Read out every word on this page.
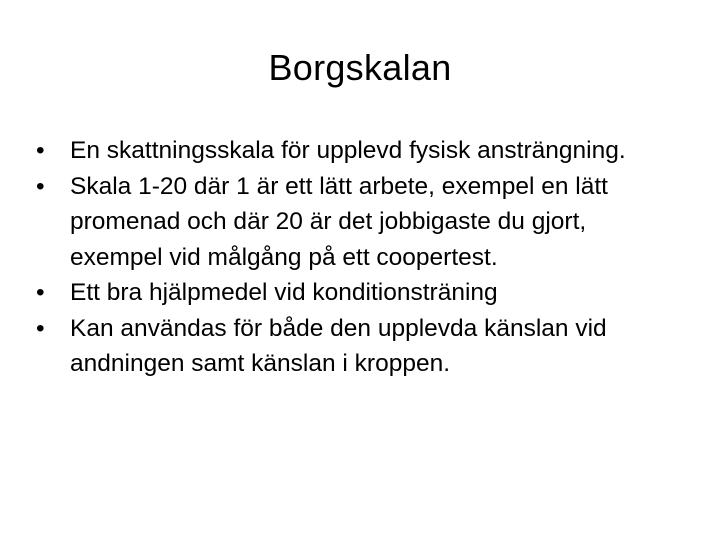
Borgskalan
•	En skattningsskala för upplevd fysisk ansträngning.
•	Skala 1-20 där 1 är ett lätt arbete, exempel en lätt promenad och där 20 är det jobbigaste du gjort, exempel vid målgång på ett coopertest.
•	Ett bra hjälpmedel vid konditionsträning
•	Kan användas för både den upplevda känslan vid andningen samt känslan i kroppen.
